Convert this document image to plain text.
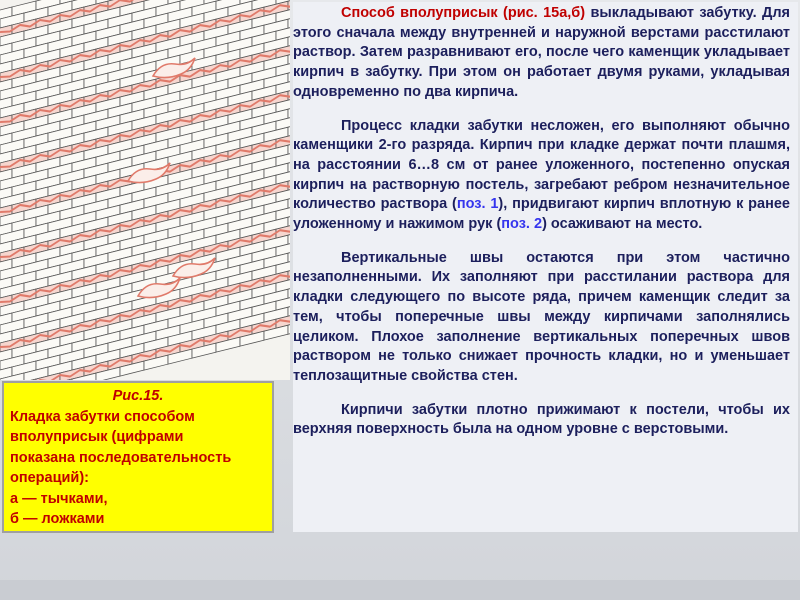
Рис.15.
Кладка забутки способом
вполуприсык (цифрами
показана последовательность
операций):
а — тычками,
б — ложками

Способ вполуприсык (рис. 15а,б) выкладывают забутку. Для этого сначала между внутренней и наружной верстами расстилают раствор. Затем разравнивают его, после чего каменщик укладывает кирпич в забутку. При этом он работает двумя руками, укладывая одновременно по два кирпича.

Процесс кладки забутки несложен, его выполняют обычно каменщики 2-го разряда. Кирпич при кладке держат почти плашмя, на расстоянии 6…8 см от ранее уложенного, постепенно опуская кирпич на растворную постель, загребают ребром незначительное количество раствора (поз. 1), придвигают кирпич вплотную к ранее уложенному и нажимом рук (поз. 2) осаживают на место.

Вертикальные швы остаются при этом частично незаполненными. Их заполняют при расстилании раствора для кладки следующего по высоте ряда, причем каменщик следит за тем, чтобы поперечные швы между кирпичами заполнялись целиком. Плохое заполнение вертикальных поперечных швов раствором не только снижает прочность кладки, но и уменьшает теплозащитные свойства стен.

Кирпичи забутки плотно прижимают к постели, чтобы их верхняя поверхность была на одном уровне с верстовыми.
